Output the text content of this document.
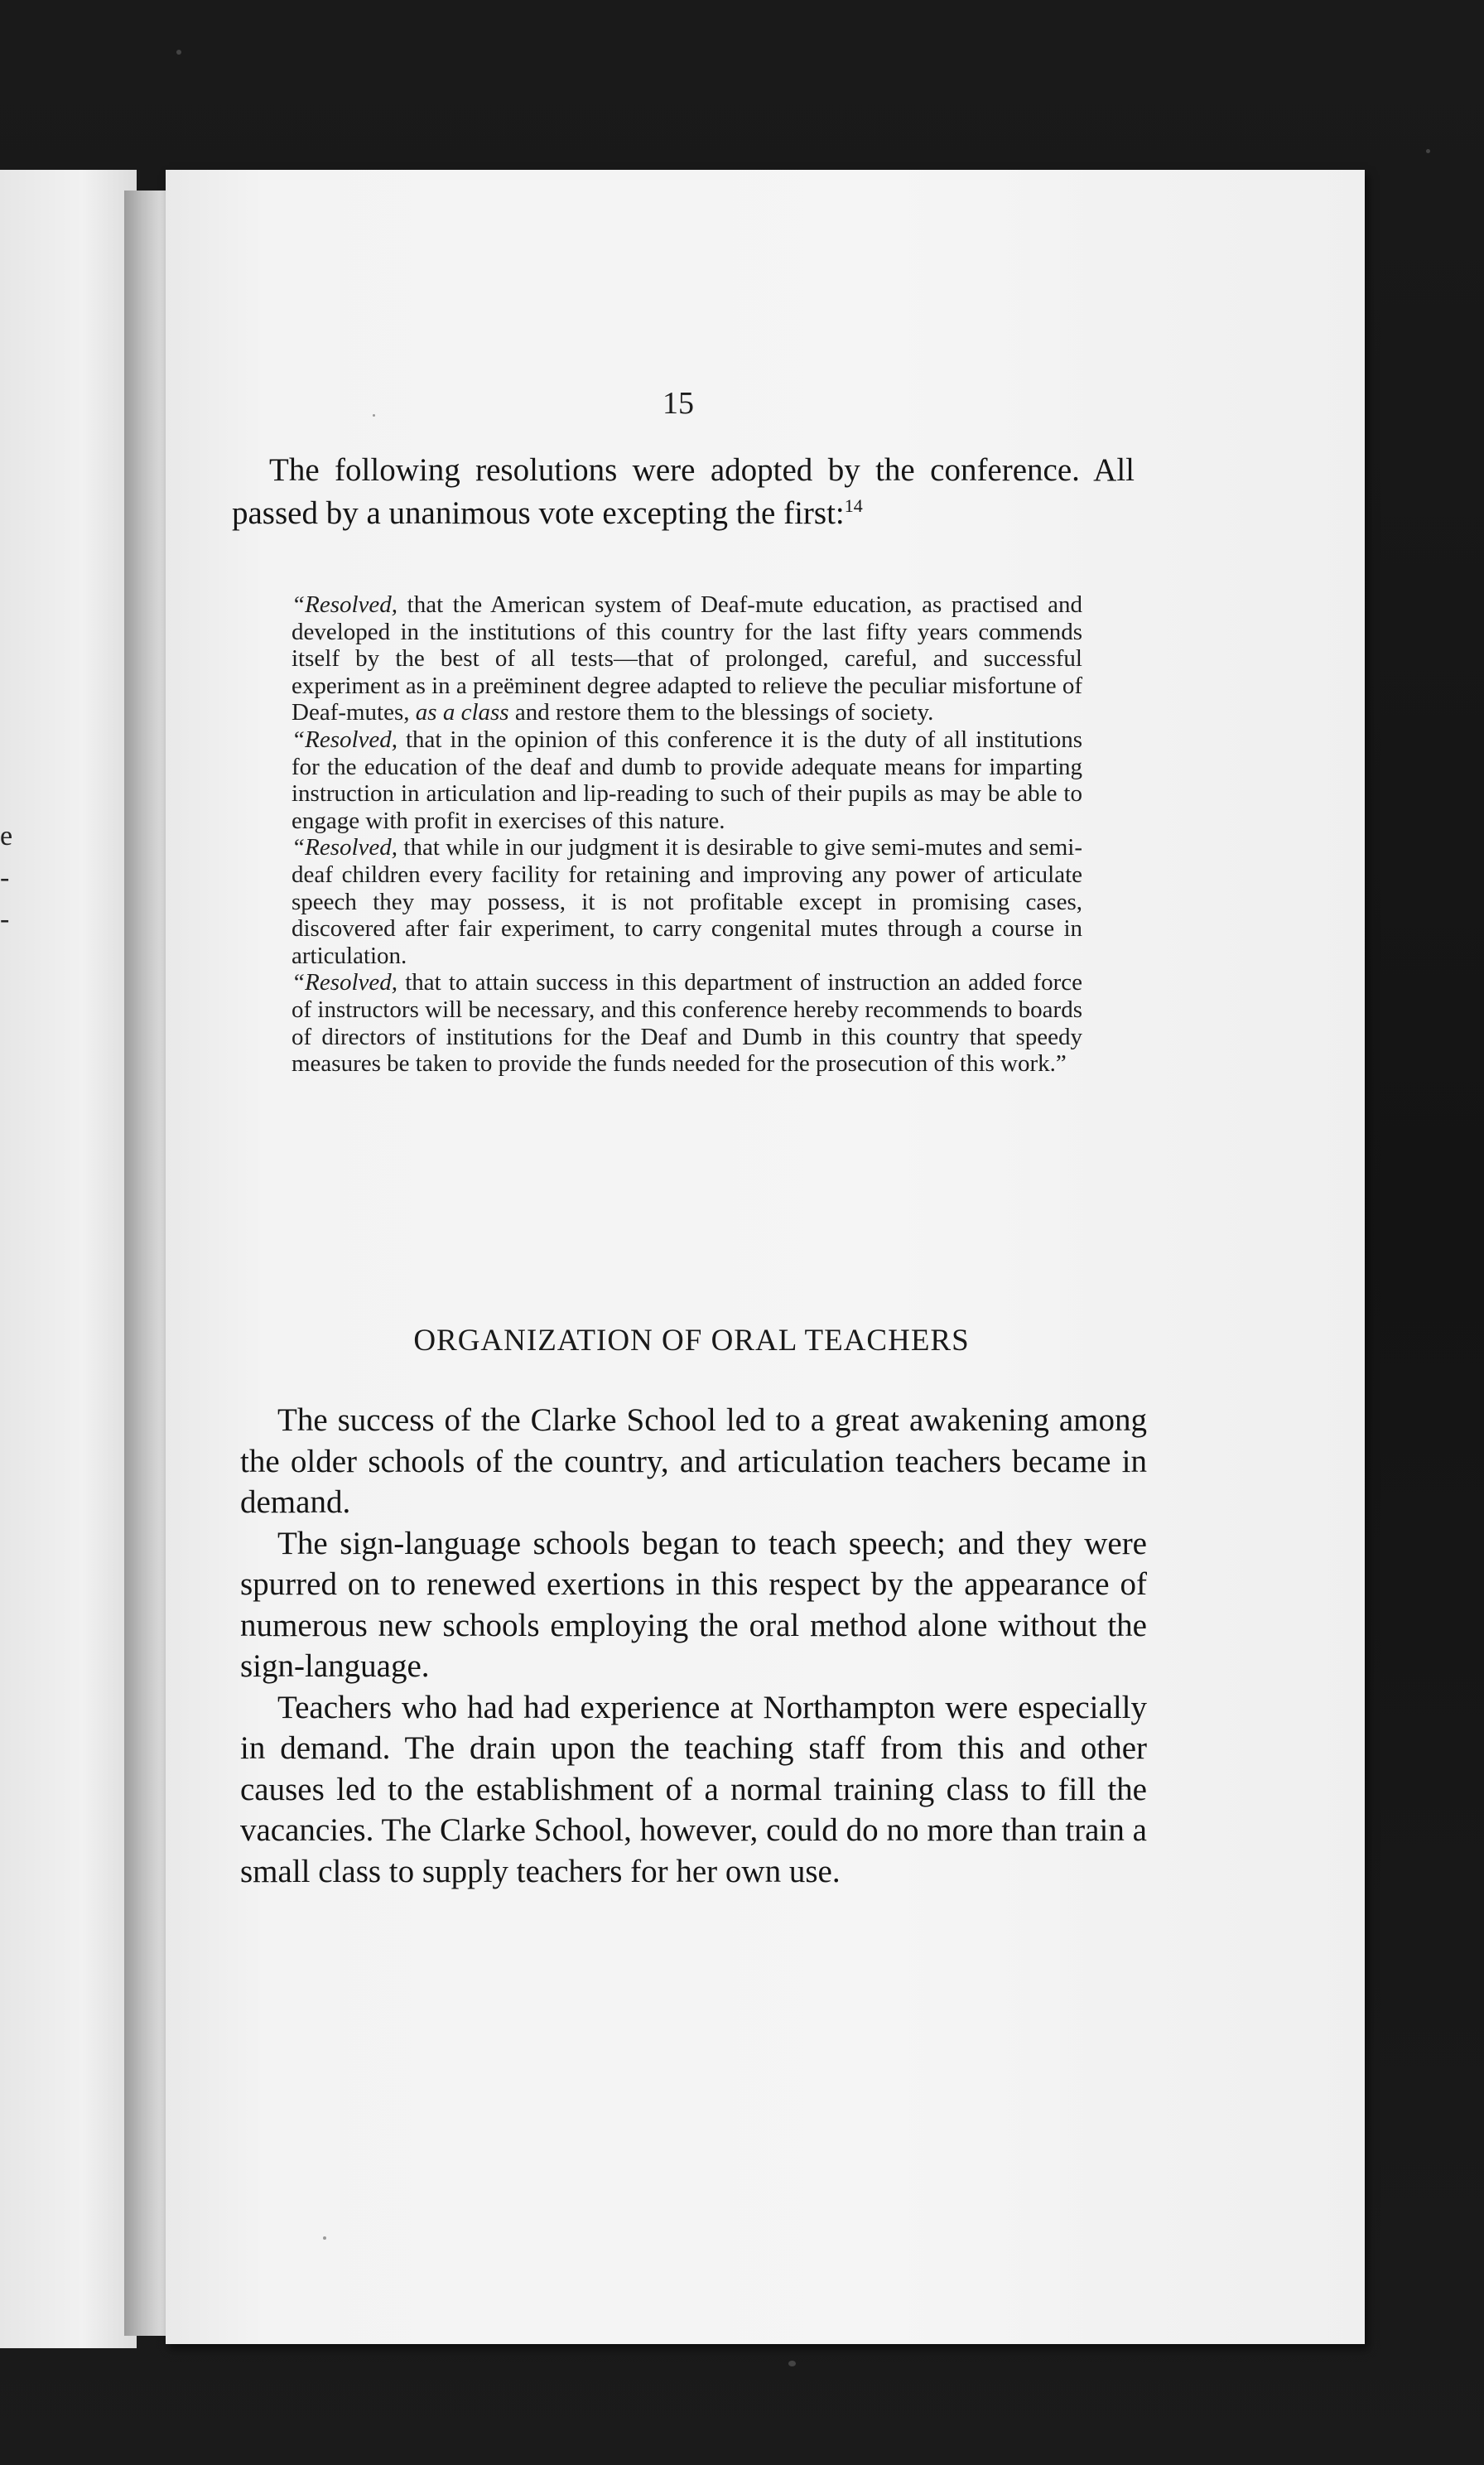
e
-
-
15
The following resolutions were adopted by the conference. All passed by a unanimous vote excepting the first:$^{14}$

“Resolved, that the American system of Deaf-mute education, as practised and developed in the institutions of this country for the last fifty years commends itself by the best of all tests—that of prolonged, careful, and successful experiment as in a preëminent degree adapted to relieve the peculiar misfortune of Deaf-mutes, as a class and restore them to the blessings of society.

“Resolved, that in the opinion of this conference it is the duty of all institutions for the education of the deaf and dumb to provide adequate means for imparting instruction in articulation and lip-reading to such of their pupils as may be able to engage with profit in exercises of this nature.

“Resolved, that while in our judgment it is desirable to give semi-mutes and semi-deaf children every facility for retaining and improving any power of articulate speech they may possess, it is not profitable except in promising cases, discovered after fair experiment, to carry congenital mutes through a course in articulation.

“Resolved, that to attain success in this department of instruction an added force of instructors will be necessary, and this conference hereby recommends to boards of directors of institutions for the Deaf and Dumb in this country that speedy measures be taken to provide the funds needed for the prosecution of this work.”

ORGANIZATION OF ORAL TEACHERS

The success of the Clarke School led to a great awakening among the older schools of the country, and articulation teachers became in demand.

The sign-language schools began to teach speech; and they were spurred on to renewed exertions in this respect by the appearance of numerous new schools employing the oral method alone without the sign-language.

Teachers who had had experience at Northampton were especially in demand. The drain upon the teaching staff from this and other causes led to the establishment of a normal training class to fill the vacancies. The Clarke School, however, could do no more than train a small class to supply teachers for her own use.
